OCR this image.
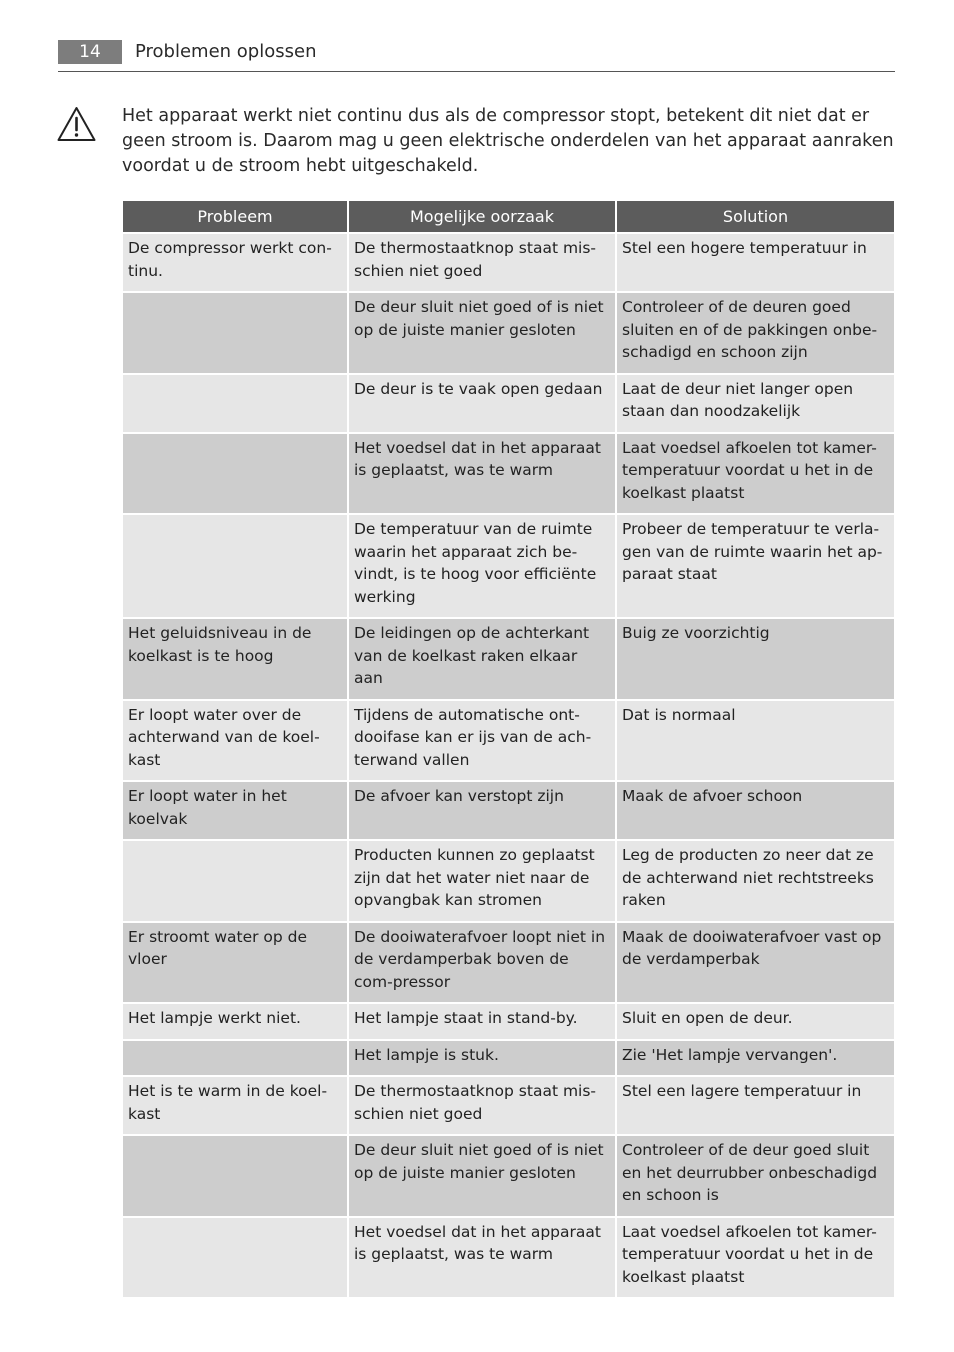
14	Problemen oplossen
Het apparaat werkt niet continu dus als de compressor stopt, betekent dit niet dat er geen stroom is. Daarom mag u geen elektrische onderdelen van het apparaat aanraken voordat u de stroom hebt uitgeschakeld.
Probleem	Mogelijke oorzaak	Solution
De compressor werkt con-tinu.	De thermostaatknop staat mis-schien niet goed	Stel een hogere temperatuur in
	De deur sluit niet goed of is niet op de juiste manier gesloten	Controleer of de deuren goed sluiten en of de pakkingen onbe-schadigd en schoon zijn
	De deur is te vaak open gedaan	Laat de deur niet langer open staan dan noodzakelijk
	Het voedsel dat in het apparaat is geplaatst, was te warm	Laat voedsel afkoelen tot kamer-temperatuur voordat u het in de koelkast plaatst
	De temperatuur van de ruimte waarin het apparaat zich be-vindt, is te hoog voor efficiënte werking	Probeer de temperatuur te verla-gen van de ruimte waarin het ap-paraat staat
Het geluidsniveau in de koelkast is te hoog	De leidingen op de achterkant van de koelkast raken elkaar aan	Buig ze voorzichtig
Er loopt water over de achterwand van de koel-kast	Tijdens de automatische ont-dooifase kan er ijs van de ach-terwand vallen	Dat is normaal
Er loopt water in het koelvak	De afvoer kan verstopt zijn	Maak de afvoer schoon
	Producten kunnen zo geplaatst zijn dat het water niet naar de opvangbak kan stromen	Leg de producten zo neer dat ze de achterwand niet rechtstreeks raken
Er stroomt water op de vloer	De dooiwaterafvoer loopt niet in de verdamperbak boven de com-pressor	Maak de dooiwaterafvoer vast op de verdamperbak
Het lampje werkt niet.	Het lampje staat in stand-by.	Sluit en open de deur.
	Het lampje is stuk.	Zie 'Het lampje vervangen'.
Het is te warm in de koel-kast	De thermostaatknop staat mis-schien niet goed	Stel een lagere temperatuur in
	De deur sluit niet goed of is niet op de juiste manier gesloten	Controleer of de deur goed sluit en het deurrubber onbeschadigd en schoon is
	Het voedsel dat in het apparaat is geplaatst, was te warm	Laat voedsel afkoelen tot kamer-temperatuur voordat u het in de koelkast plaatst
